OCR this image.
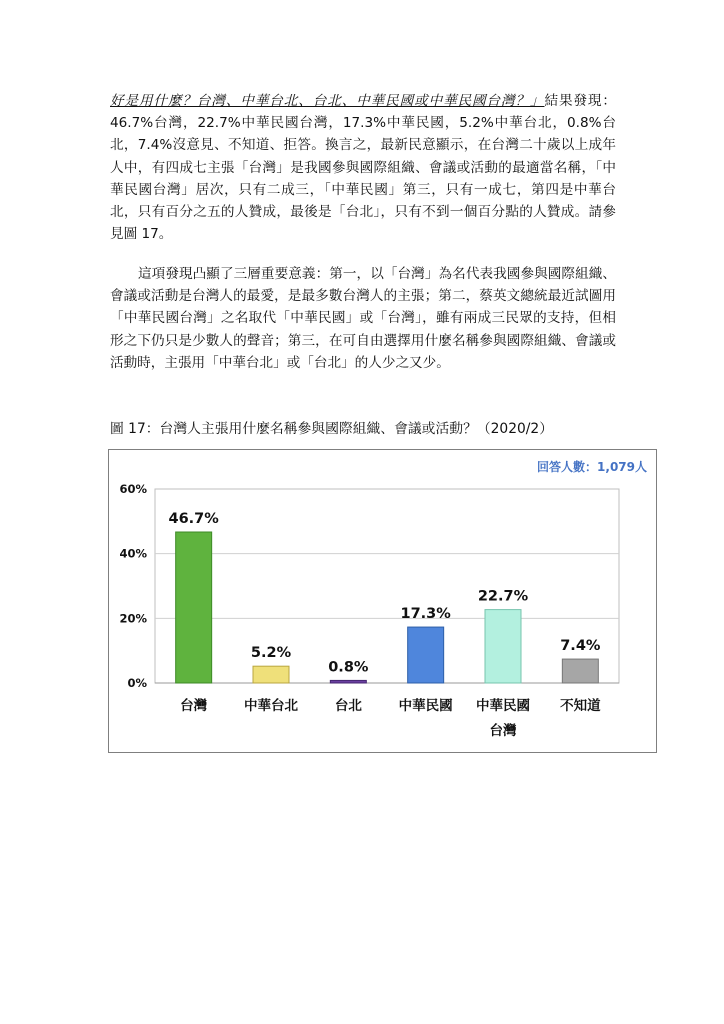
好是用什麼？台灣、中華台北、台北、中華民國或中華民國台灣？」結果發現：46.7%台灣，22.7%中華民國台灣，17.3%中華民國，5.2%中華台北，0.8%台北，7.4%沒意見、不知道、拒答。換言之，最新民意顯示，在台灣二十歲以上成年人中，有四成七主張「台灣」是我國參與國際組織、會議或活動的最適當名稱，「中華民國台灣」居次，只有二成三，「中華民國」第三，只有一成七，第四是中華台北，只有百分之五的人贊成，最後是「台北」，只有不到一個百分點的人贊成。請參見圖 17。

這項發現凸顯了三層重要意義：第一，以「台灣」為名代表我國參與國際組織、會議或活動是台灣人的最愛，是最多數台灣人的主張；第二，蔡英文總統最近試圖用「中華民國台灣」之名取代「中華民國」或「台灣」，雖有兩成三民眾的支持，但相形之下仍只是少數人的聲音；第三，在可自由選擇用什麼名稱參與國際組織、會議或活動時，主張用「中華台北」或「台北」的人少之又少。

圖 17：台灣人主張用什麼名稱參與國際組織、會議或活動？（2020/2）

0%
20%
40%
60%
回答人數：1,079人
46.7%
台灣
5.2%
中華台北
0.8%
台北
17.3%
中華民國
22.7%
中華民國
台灣
7.4%
不知道
